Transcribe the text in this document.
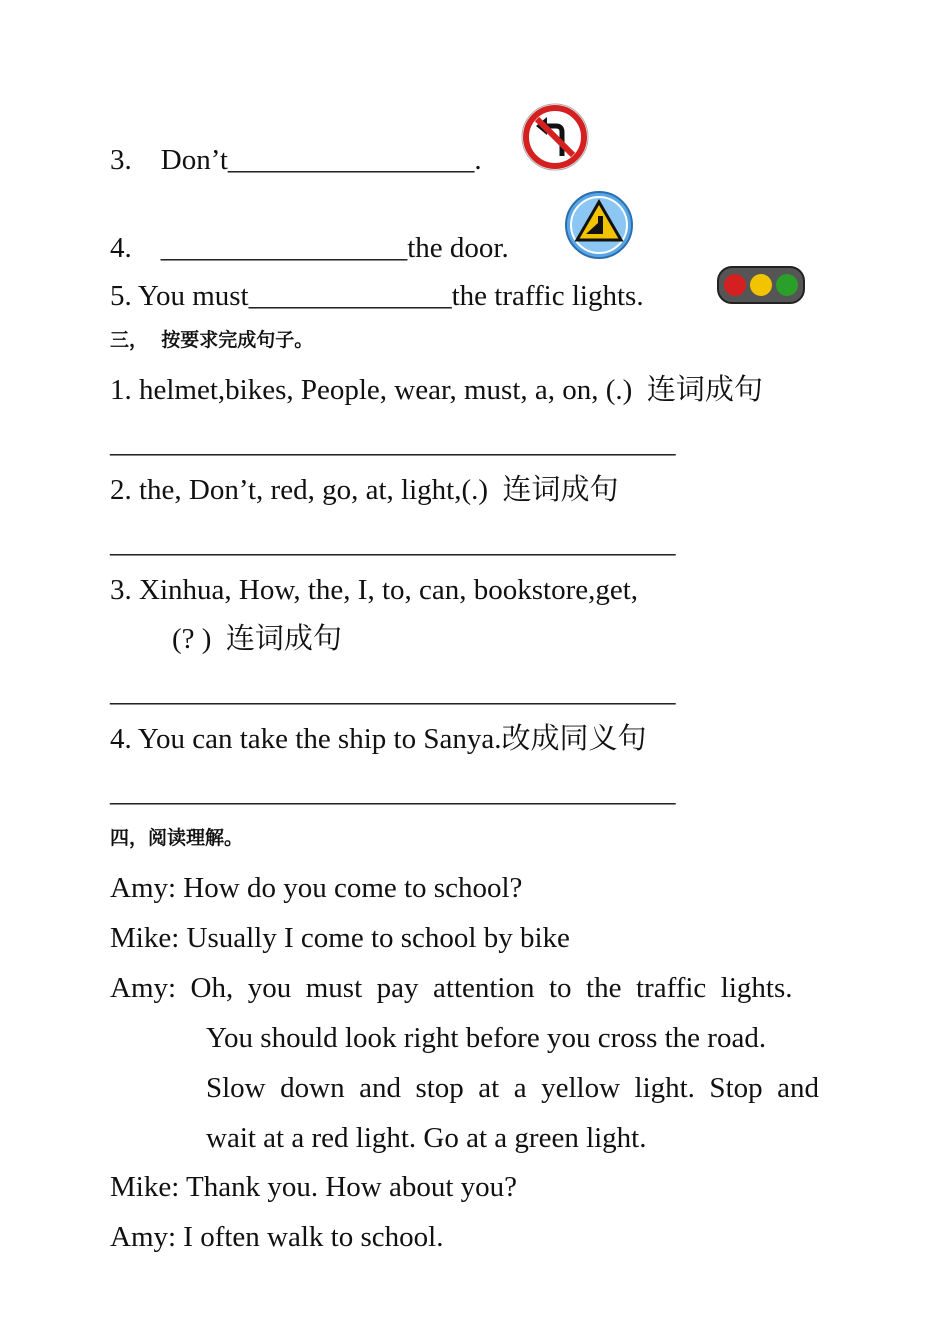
3. Don’t_________________.
4. _________________the door.
5. You must______________the traffic lights.
三，  按要求完成句子。
1. helmet,bikes, People, wear, must, a, on, (.)  连词成句
_______________________________________
2. the, Don’t, red, go, at, light,(.)  连词成句
_______________________________________
3. Xinhua, How, the, I, to, can, bookstore,get,
(? )  连词成句
_______________________________________
4. You can take the ship to Sanya.改成同义句
_______________________________________
四，阅读理解。
Amy: How do you come to school?
Mike: Usually I come to school by bike
Amy:  Oh,  you  must  pay  attention  to  the  traffic  lights.
You should look right before you cross the road.
Slow  down  and  stop  at  a  yellow  light.  Stop  and
wait at a red light. Go at a green light.
Mike: Thank you. How about you?
Amy: I often walk to school.
